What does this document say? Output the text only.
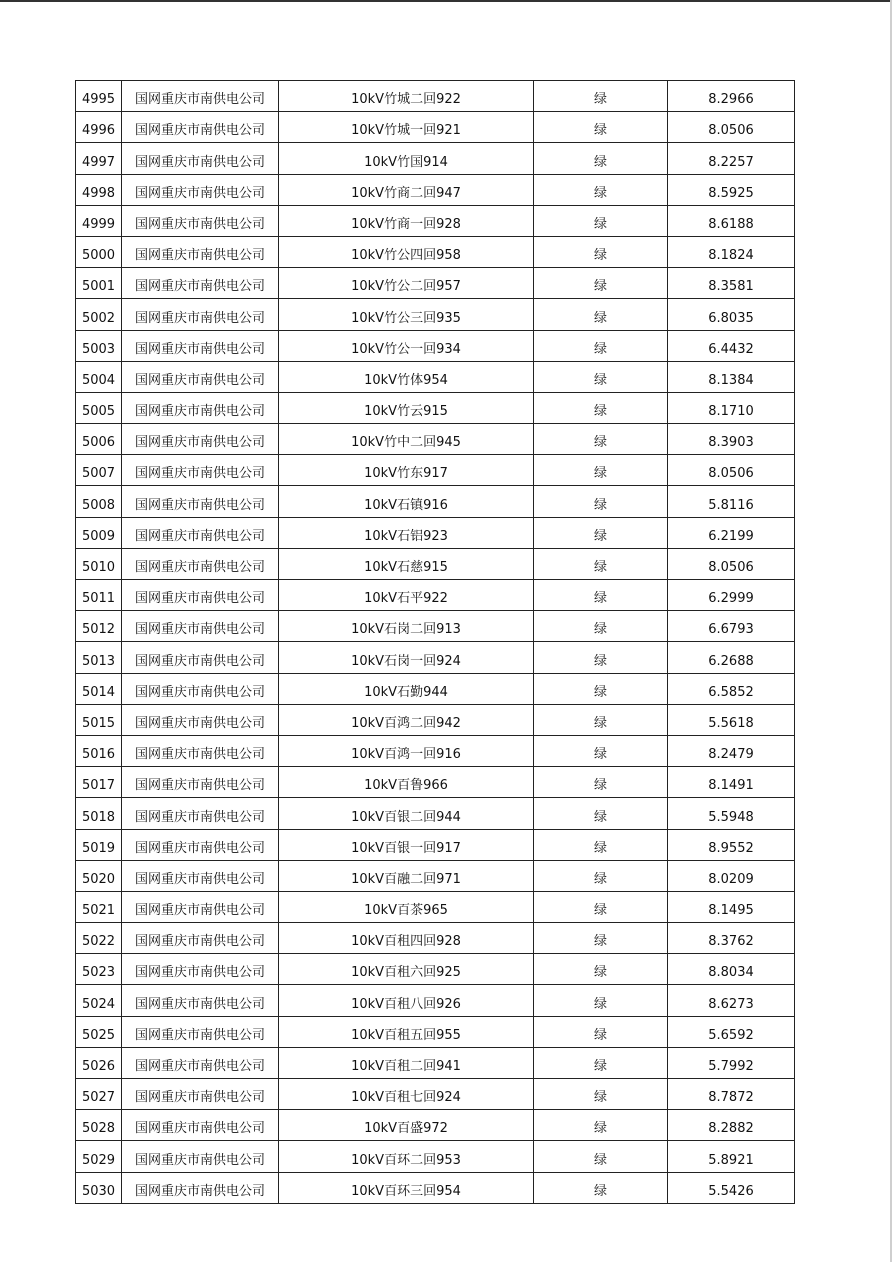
4995	国网重庆市南供电公司	10kV竹城二回922	绿	8.2966

4996	国网重庆市南供电公司	10kV竹城一回921	绿	8.0506

4997	国网重庆市南供电公司	10kV竹国914	绿	8.2257

4998	国网重庆市南供电公司	10kV竹商二回947	绿	8.5925

4999	国网重庆市南供电公司	10kV竹商一回928	绿	8.6188

5000	国网重庆市南供电公司	10kV竹公四回958	绿	8.1824

5001	国网重庆市南供电公司	10kV竹公二回957	绿	8.3581

5002	国网重庆市南供电公司	10kV竹公三回935	绿	6.8035

5003	国网重庆市南供电公司	10kV竹公一回934	绿	6.4432

5004	国网重庆市南供电公司	10kV竹体954	绿	8.1384

5005	国网重庆市南供电公司	10kV竹云915	绿	8.1710

5006	国网重庆市南供电公司	10kV竹中二回945	绿	8.3903

5007	国网重庆市南供电公司	10kV竹东917	绿	8.0506

5008	国网重庆市南供电公司	10kV石镇916	绿	5.8116

5009	国网重庆市南供电公司	10kV石铝923	绿	6.2199

5010	国网重庆市南供电公司	10kV石慈915	绿	8.0506

5011	国网重庆市南供电公司	10kV石平922	绿	6.2999

5012	国网重庆市南供电公司	10kV石岗二回913	绿	6.6793

5013	国网重庆市南供电公司	10kV石岗一回924	绿	6.2688

5014	国网重庆市南供电公司	10kV石勤944	绿	6.5852

5015	国网重庆市南供电公司	10kV百鸿二回942	绿	5.5618

5016	国网重庆市南供电公司	10kV百鸿一回916	绿	8.2479

5017	国网重庆市南供电公司	10kV百鲁966	绿	8.1491

5018	国网重庆市南供电公司	10kV百银二回944	绿	5.5948

5019	国网重庆市南供电公司	10kV百银一回917	绿	8.9552

5020	国网重庆市南供电公司	10kV百融二回971	绿	8.0209

5021	国网重庆市南供电公司	10kV百茶965	绿	8.1495

5022	国网重庆市南供电公司	10kV百租四回928	绿	8.3762

5023	国网重庆市南供电公司	10kV百租六回925	绿	8.8034

5024	国网重庆市南供电公司	10kV百租八回926	绿	8.6273

5025	国网重庆市南供电公司	10kV百租五回955	绿	5.6592

5026	国网重庆市南供电公司	10kV百租二回941	绿	5.7992

5027	国网重庆市南供电公司	10kV百租七回924	绿	8.7872

5028	国网重庆市南供电公司	10kV百盛972	绿	8.2882

5029	国网重庆市南供电公司	10kV百环二回953	绿	5.8921

5030	国网重庆市南供电公司	10kV百环三回954	绿	5.5426
